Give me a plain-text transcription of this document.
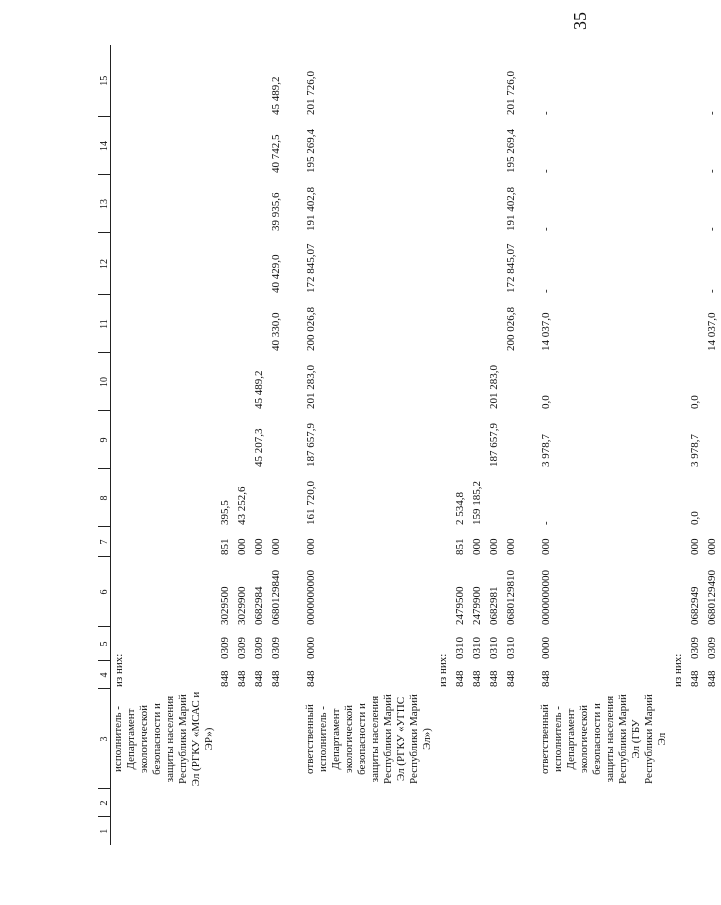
35
1	2	3	4	5	6	7	8	9	10	11	12	13	14	15
		исполнитель - Департамент экологической безопасности и защиты населения Республики Марий Эл (РГКУ «МСАС и ЭР»)	из них:											
			848	0309	3029500	851	395,5							
			848	0309	3029900	000	43 252,6							
			848	0309	0682984	000		45 207,3	45 489,2					
			848	0309	0680129840	000				40 330,0	40 429,0	39 935,6	40 742,5	45 489,2

		ответственный исполнитель - Департамент экологической безопасности и защиты населения Республики Марий Эл (РГКУ «УГПС Республики Марий Эл»)	848	0000	0000000000	000	161 720,0	187 657,9	201 283,0	200 026,8	172 845,07	191 402,8	195 269,4	201 726,0
			из них:											
			848	0310	2479500	851	2 534,8							
			848	0310	2479900	000	159 185,2							
			848	0310	0682981	000		187 657,9	201 283,0					
			848	0310	0680129810	000				200 026,8	172 845,07	191 402,8	195 269,4	201 726,0

		ответственный исполнитель - Департамент экологической безопасности и защиты населения Республики Марий Эл (ГБУ Республики Марий Эл	848	0000	0000000000	000	-	3 978,7	0,0	14 037,0	-	-	-	-
			из них:											
			848	0309	0682949	000	0,0	3 978,7	0,0					
			848	0309	0680129490	000				14 037,0	-	-	-	-
